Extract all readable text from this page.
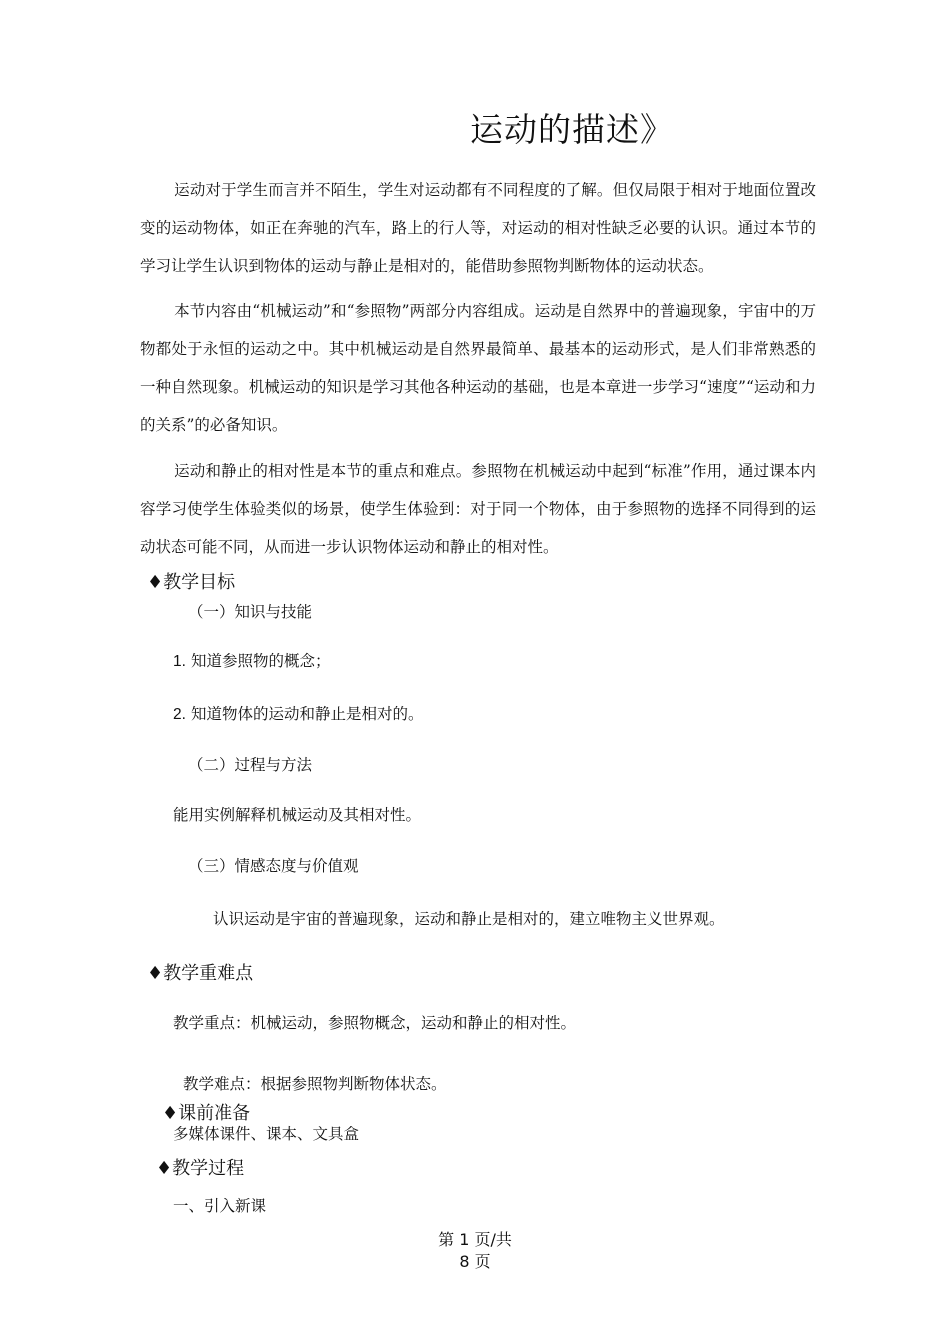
运动的描述》
运动对于学生而言并不陌生，学生对运动都有不同程度的了解。但仅局限于相对于地面位置改变的运动物体，如正在奔驰的汽车，路上的行人等，对运动的相对性缺乏必要的认识。通过本节的学习让学生认识到物体的运动与静止是相对的，能借助参照物判断物体的运动状态。
本节内容由“机械运动”和“参照物”两部分内容组成。运动是自然界中的普遍现象，宇宙中的万物都处于永恒的运动之中。其中机械运动是自然界最简单、最基本的运动形式，是人们非常熟悉的一种自然现象。机械运动的知识是学习其他各种运动的基础，也是本章进一步学习“速度”“运动和力的关系”的必备知识。
运动和静止的相对性是本节的重点和难点。参照物在机械运动中起到“标准”作用，通过课本内容学习使学生体验类似的场景，使学生体验到：对于同一个物体，由于参照物的选择不同得到的运动状态可能不同，从而进一步认识物体运动和静止的相对性。
♦教学目标
（一）知识与技能
1. 知道参照物的概念；
2. 知道物体的运动和静止是相对的。
（二）过程与方法
能用实例解释机械运动及其相对性。
（三）情感态度与价值观
认识运动是宇宙的普遍现象，运动和静止是相对的，建立唯物主义世界观。
♦教学重难点
教学重点：机械运动，参照物概念，运动和静止的相对性。
教学难点：根据参照物判断物体状态。
♦课前准备
多媒体课件、课本、文具盒
♦教学过程
一、引入新课
第 1 页/共
8 页
